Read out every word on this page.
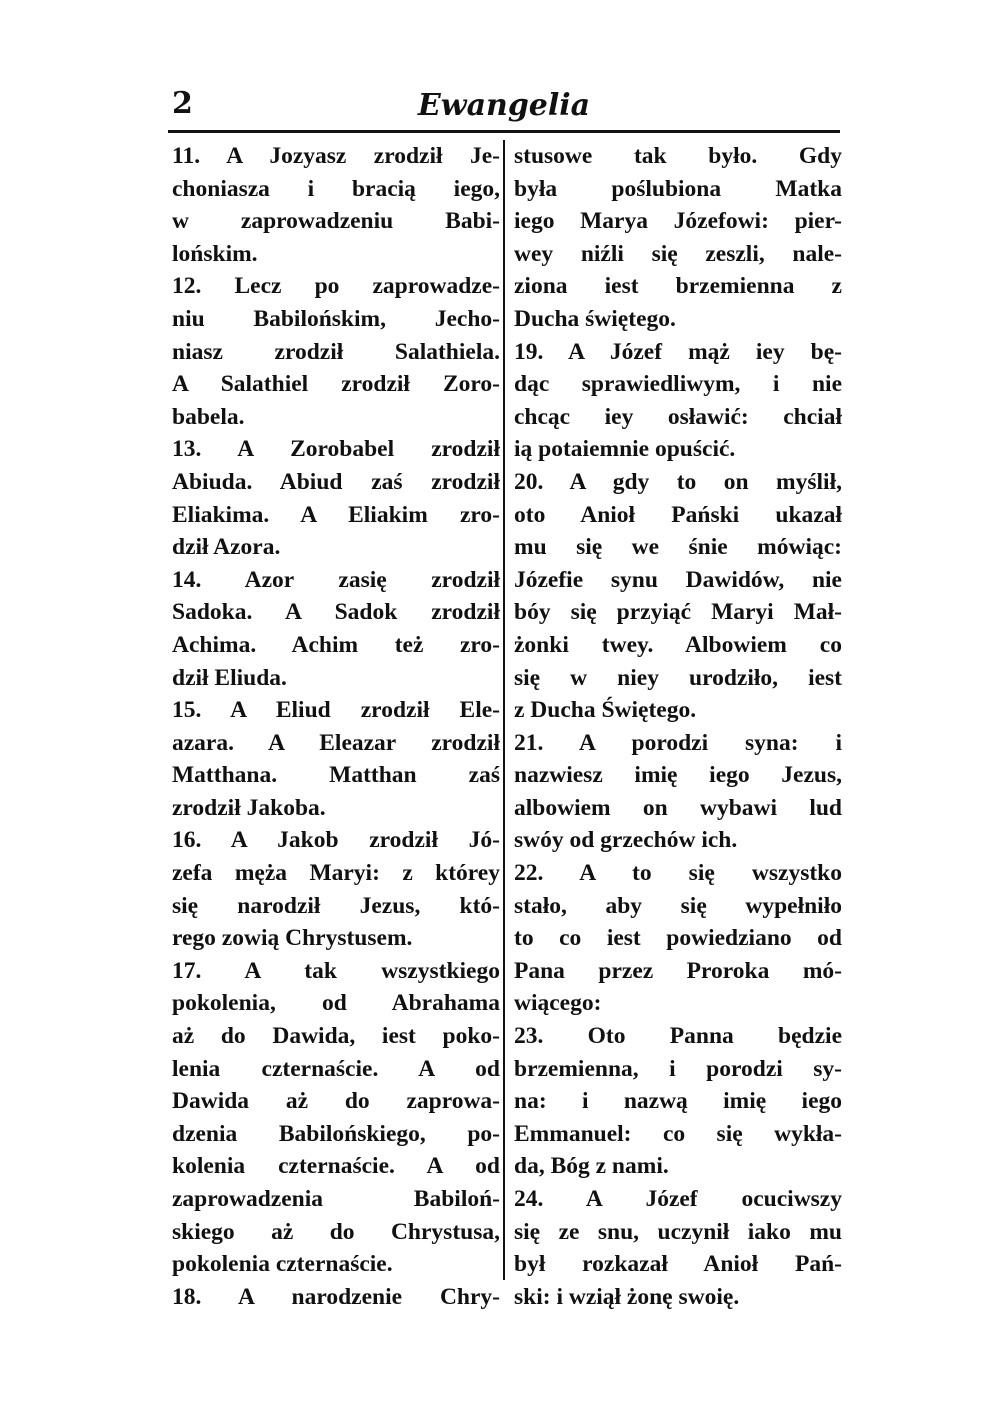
2	Ewangelia
11. A Jozyasz zrodził Je-
choniasza i bracią iego,
w zaprowadzeniu Babi-
lońskim.
12. Lecz po zaprowadze-
niu Babilońskim, Jecho-
niasz zrodził Salathiela.
A Salathiel zrodził Zoro-
babela.
13. A Zorobabel zrodził
Abiuda. Abiud zaś zrodził
Eliakima. A Eliakim zro-
dził Azora.
14. Azor zasię zrodził
Sadoka. A Sadok zrodził
Achima. Achim też zro-
dził Eliuda.
15. A Eliud zrodził Ele-
azara. A Eleazar zrodził
Matthana. Matthan zaś
zrodził Jakoba.
16. A Jakob zrodził Jó-
zefa męża Maryi: z którey
się narodził Jezus, któ-
rego zowią Chrystusem.
17. A tak wszystkiego
pokolenia, od Abrahama
aż do Dawida, iest poko-
lenia czternaście. A od
Dawida aż do zaprowa-
dzenia Babilońskiego, po-
kolenia czternaście. A od
zaprowadzenia Babiloń-
skiego aż do Chrystusa,
pokolenia czternaście.
18. A narodzenie Chry-
stusowe tak było. Gdy
była poślubiona Matka
iego Marya Józefowi: pier-
wey niźli się zeszli, nale-
ziona iest brzemienna z
Ducha świętego.
19. A Józef mąż iey bę-
dąc sprawiedliwym, i nie
chcąc iey osławić: chciał
ią potaiemnie opuścić.
20. A gdy to on myślił,
oto Anioł Pański ukazał
mu się we śnie mówiąc:
Józefie synu Dawidów, nie
bóy się przyiąć Maryi Mał-
żonki twey. Albowiem co
się w niey urodziło, iest
z Ducha Świętego.
21. A porodzi syna: i
nazwiesz imię iego Jezus,
albowiem on wybawi lud
swóy od grzechów ich.
22. A to się wszystko
stało, aby się wypełniło
to co iest powiedziano od
Pana przez Proroka mó-
wiącego:
23. Oto Panna będzie
brzemienna, i porodzi sy-
na: i nazwą imię iego
Emmanuel: co się wykła-
da, Bóg z nami.
24. A Józef ocuciwszy
się ze snu, uczynił iako mu
był rozkazał Anioł Pań-
ski: i wziął żonę swoię.
